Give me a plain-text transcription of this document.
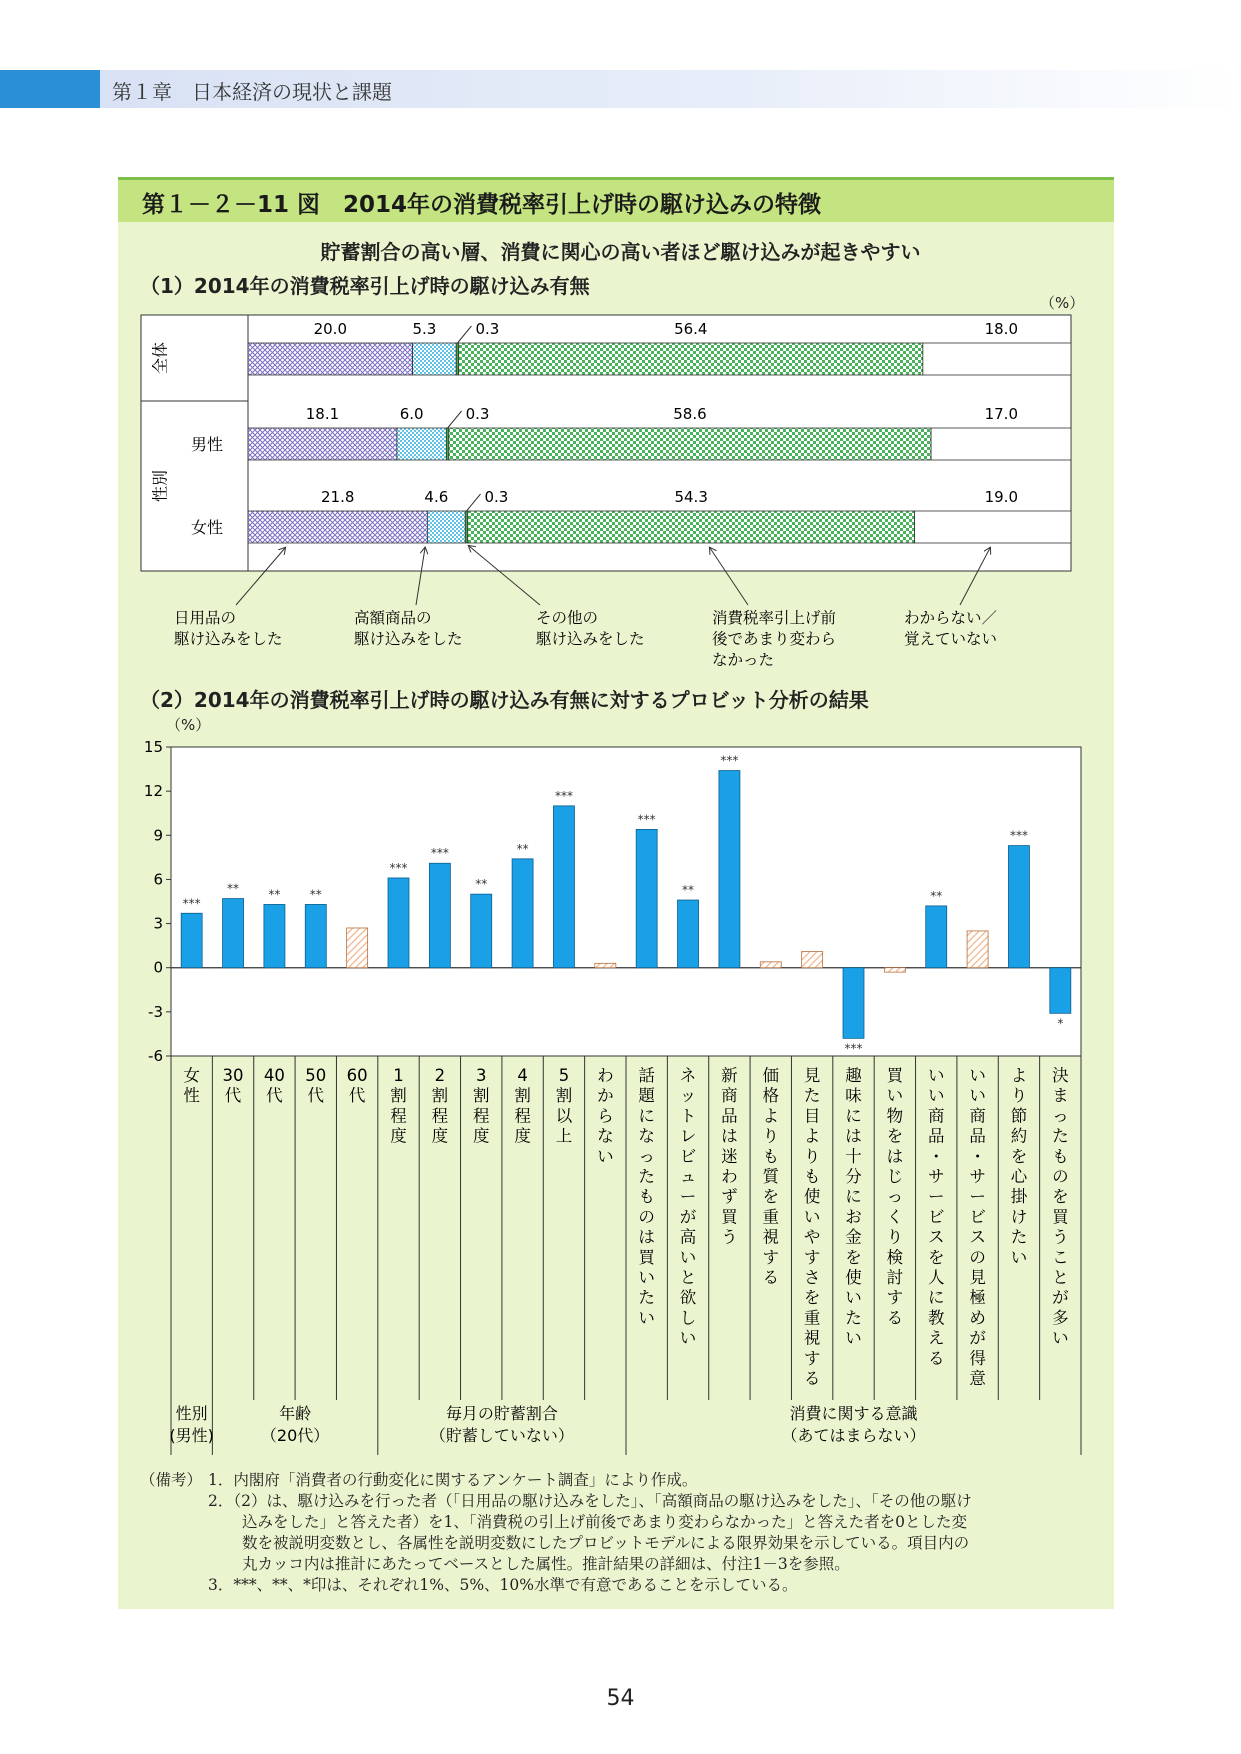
第１章　日本経済の現状と課題
第１－２－11 図　2014年の消費税率引上げ時の駆け込みの特徴
貯蓄割合の高い層、消費に関心の高い者ほど駆け込みが起きやすい
（1）2014年の消費税率引上げ時の駆け込み有無
（%）
（2）2014年の消費税率引上げ時の駆け込み有無に対するプロビット分析の結果
（%）
全体
性別
20.0	5.3	0.3	56.4	18.0
男性
18.1	6.0	0.3	58.6	17.0
女性
21.8	4.6 0.3	54.3	19.0
日用品の
駆け込みをした
高額商品の
駆け込みをした
その他の
駆け込みをした
消費税率引上げ前
後であまり変わら
なかった
わからない／
覚えていない
15
12
9
6
3
0
-3
-6
***
女
性
**
30
代
**
40
代
**
50
代
60
代
***
1
割
程
度
***
2
割
程
度
**
3
割
程
度
**
4
割
程
度
***
5
割
以
上
わ
か
ら
な
い
***
話
題
に
な
っ
た
も
の
は
買
い
た
い
**
ネ
ッ
ト
レ
ビ
ュ
ー
が
高
い
と
欲
し
い
***
新
商
品
は
迷
わ
ず
買
う
価
格
よ
り
も
質
を
重
視
す
る
見
た
目
よ
り
も
使
い
や
す
さ
を
重
視
す
る
***
趣
味
に
は
十
分
に
お
金
を
使
い
た
い
買
い
物
を
は
じ
っ
く
り
検
討
す
る
**
い
い
商
品
・
サ
ー
ビ
ス
を
人
に
教
え
る
い
い
商
品
・
サ
ー
ビ
ス
の
見
極
め
が
得
意
***
よ
り
節
約
を
心
掛
け
た
い
*
決
ま
っ
た
も
の
を
買
う
こ
と
が
多
い
性別
(男性)
年齢
（20代）
毎月の貯蓄割合
（貯蓄していない）
消費に関する意識
（あてはまらない）
（備考） 1．内閣府「消費者の行動変化に関するアンケート調査」により作成。
2．（2）は、駆け込みを行った者（「日用品の駆け込みをした」、「高額商品の駆け込みをした」、「その他の駆け
込みをした」と答えた者）を1、「消費税の引上げ前後であまり変わらなかった」と答えた者を0とした変
数を被説明変数とし、各属性を説明変数にしたプロビットモデルによる限界効果を示している。項目内の
丸カッコ内は推計にあたってベースとした属性。推計結果の詳細は、付注1－3を参照。
3．***、**、*印は、それぞれ1%、5%、10%水準で有意であることを示している。
54
